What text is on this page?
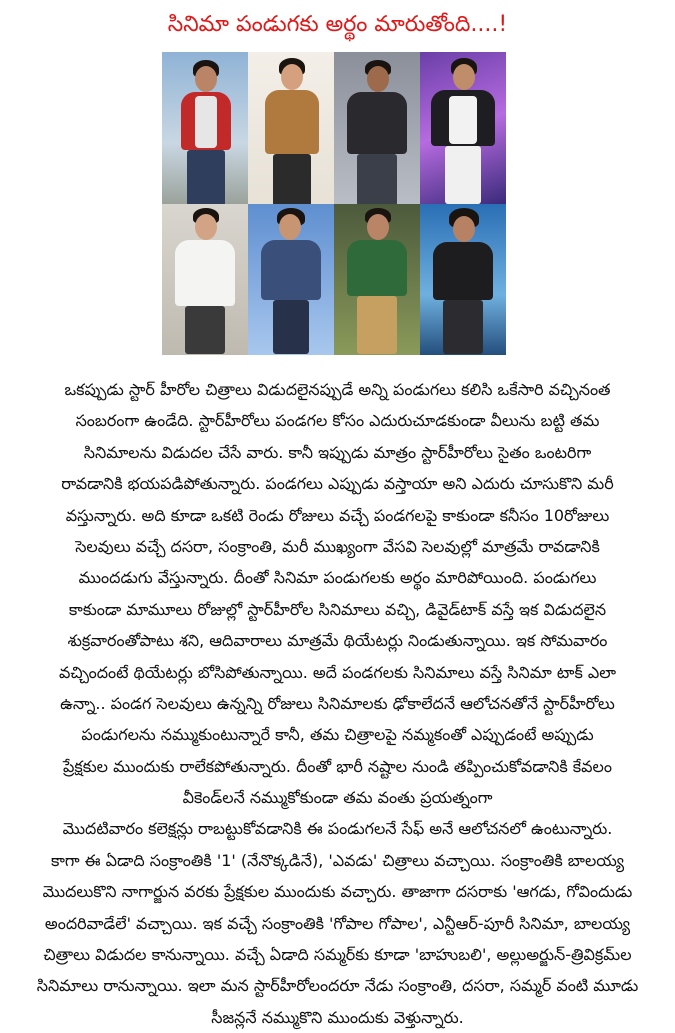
సినిమా పండుగకు అర్థం మారుతోంది....!
ఒకప్పుడు స్టార్ హీరోల చిత్రాలు విడుదలైనప్పుడే అన్ని పండుగలు కలిసి ఒకేసారి వచ్చినంత
సంబరంగా ఉండేది. స్టార్‌హీరోలు పండగల కోసం ఎదురుచూడకుండా వీలును బట్టి తమ
సినిమాలను విడుదల చేసే వారు. కానీ ఇప్పుడు మాత్రం స్టార్‌హీరోలు సైతం ఒంటరిగా
రావడానికి భయపడిపోతున్నారు. పండగలు ఎప్పుడు వస్తాయా అని ఎదురు చూసుకొని మరీ
వస్తున్నారు. అది కూడా ఒకటి రెండు రోజులు వచ్చే పండగలపై కాకుండా కనీసం 10రోజులు
సెలవులు వచ్చే దసరా, సంక్రాంతి, మరీ ముఖ్యంగా వేసవి సెలవుల్లో మాత్రమే రావడానికి
ముందడుగు వేస్తున్నారు. దీంతో సినిమా పండుగలకు అర్థం మారిపోయింది. పండుగలు
కాకుండా మామూలు రోజుల్లో స్టార్‌హీరోల సినిమాలు వచ్చి, డివైడ్‌టాక్ వస్తే ఇక విడుదలైన
శుక్రవారంతోపాటు శని, ఆదివారాలు మాత్రమే థియేటర్లు నిండుతున్నాయి. ఇక సోమవారం
వచ్చిందంటే థియేటర్లు బోసిపోతున్నాయి. అదే పండగలకు సినిమాలు వస్తే సినిమా టాక్ ఎలా
ఉన్నా.. పండగ సెలవులు ఉన్నన్ని రోజులు సినిమాలకు ఢోకాలేదనే ఆలోచనతోనే స్టార్‌హీరోలు
పండుగలను నమ్ముకుంటున్నారే కానీ, తమ చిత్రాలపై నమ్మకంతో ఎప్పుడంటే అప్పుడు
ప్రేక్షకుల ముందుకు రాలేకపోతున్నారు. దీంతో భారీ నష్టాల నుండి తప్పించుకోవడానికి కేవలం
వీకెండ్‌లనే నమ్ముకోకుండా తమ వంతు ప్రయత్నంగా
మొదటివారం కలెక్షన్లు రాబట్టుకోవడానికి ఈ పండుగలనే సేఫ్ అనే ఆలోచనలో ఉంటున్నారు.
కాగా ఈ ఏడాది సంక్రాంతికి '1' (నేనొక్కడినే), 'ఎవడు' చిత్రాలు వచ్చాయి. సంక్రాంతికి బాలయ్య
మొదలుకొని నాగార్జున వరకు ప్రేక్షకుల ముందుకు వచ్చారు. తాజాగా దసరాకు 'ఆగడు, గోవిందుడు
అందరివాడేలే' వచ్చాయి. ఇక వచ్చే సంక్రాంతికి 'గోపాల గోపాల', ఎన్టీఆర్-పూరీ సినిమా, బాలయ్య
చిత్రాలు విడుదల కానున్నాయి. వచ్చే ఏడాది సమ్మర్‌కు కూడా 'బాహుబలి', అల్లుఅర్జున్-త్రివిక్రమ్‌ల
సినిమాలు రానున్నాయి. ఇలా మన స్టార్‌హీరోలందరూ నేడు సంక్రాంతి, దసరా, సమ్మర్ వంటి మూడు
సీజన్లనే నమ్ముకొని ముందుకు వెళ్తున్నారు.
